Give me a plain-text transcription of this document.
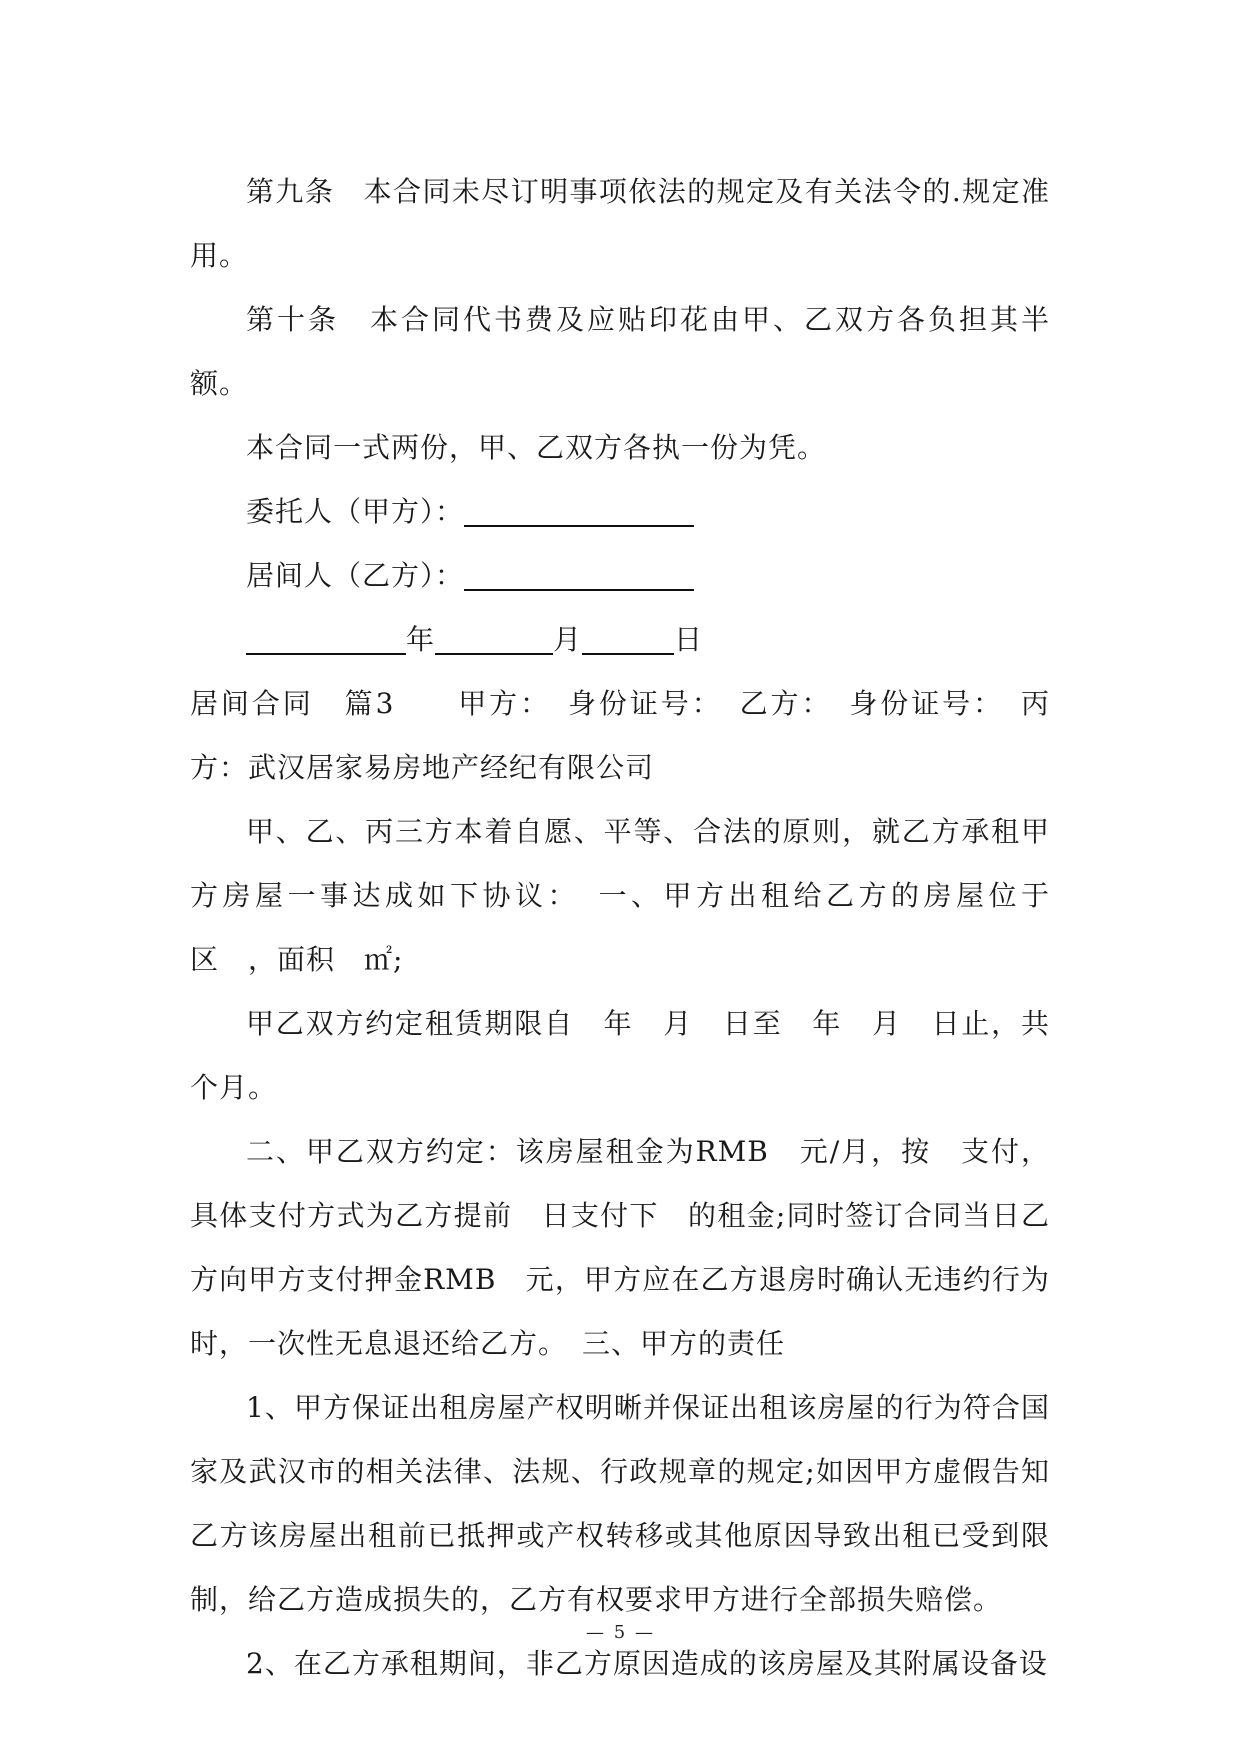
第九条　本合同未尽订明事项依法的规定及有关法令的.规定准用。

第十条　本合同代书费及应贴印花由甲、乙双方各负担其半额。

本合同一式两份，甲、乙双方各执一份为凭。

委托人（甲方）：

居间人（乙方）：

年	月	日

居间合同　篇3　　甲方：　身份证号：　乙方：　身份证号：　丙方：武汉居家易房地产经纪有限公司

甲、乙、丙三方本着自愿、平等、合法的原则，就乙方承租甲方房屋一事达成如下协议：　一、甲方出租给乙方的房屋位于　区　，面积　㎡;

甲乙双方约定租赁期限自　年　月　日至　年　月　日止，共　个月。

二、甲乙双方约定：该房屋租金为RMB　元/月，按　支付，具体支付方式为乙方提前　日支付下　的租金;同时签订合同当日乙方向甲方支付押金RMB　元，甲方应在乙方退房时确认无违约行为时，一次性无息退还给乙方。　三、甲方的责任

1、甲方保证出租房屋产权明晰并保证出租该房屋的行为符合国家及武汉市的相关法律、法规、行政规章的规定;如因甲方虚假告知乙方该房屋出租前已抵押或产权转移或其他原因导致出租已受到限制，给乙方造成损失的，乙方有权要求甲方进行全部损失赔偿。

2、在乙方承租期间，非乙方原因造成的该房屋及其附属设备设

— 5 —
